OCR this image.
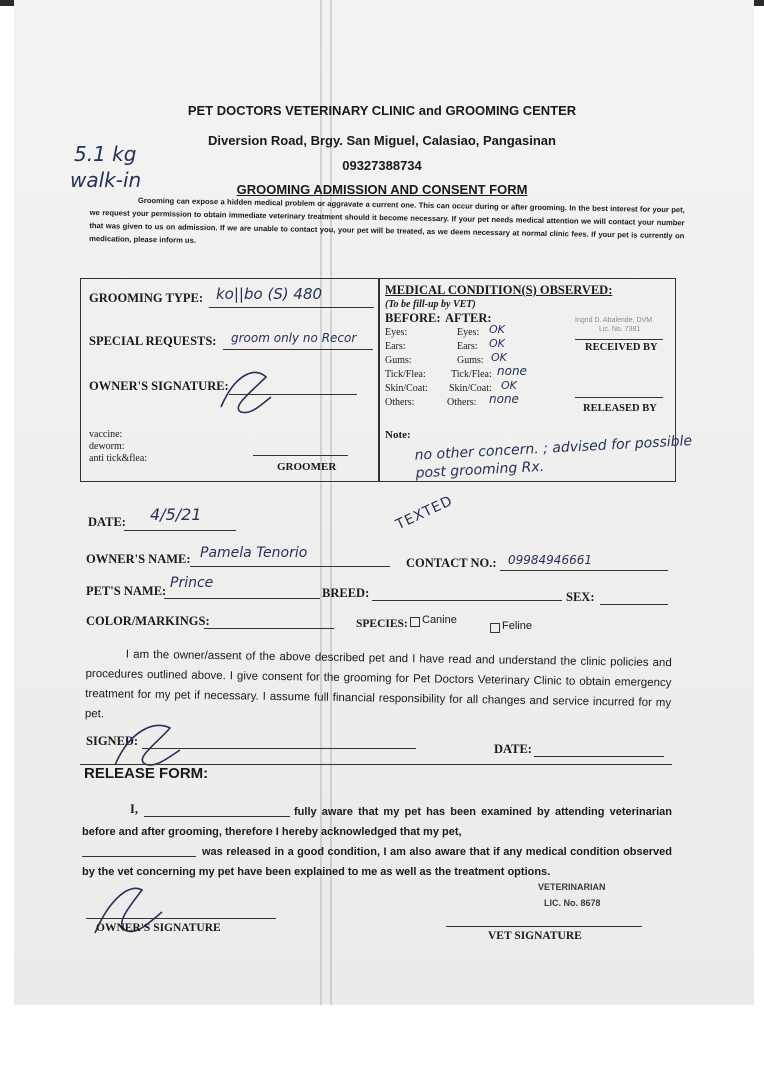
PET DOCTORS VETERINARY CLINIC and GROOMING CENTER
Diversion Road, Brgy. San Miguel, Calasiao, Pangasinan
09327388734
GROOMING ADMISSION AND CONSENT FORM
5.1 kg
walk-in
Grooming can expose a hidden medical problem or aggravate a current one. This can occur during or after grooming. In the best interest for your pet, we request your permission to obtain immediate veterinary treatment should it become necessary. If your pet needs medical attention we will contact your number that was given to us on admission. If we are unable to contact you, your pet will be treated, as we deem necessary at normal clinic fees. If your pet is currently on medication, please inform us.
GROOMING TYPE: ko||bo (S) 480
SPECIAL REQUESTS: groom only no Recor
OWNER'S SIGNATURE:
vaccine:
deworm:
anti tick&flea:
GROOMER
MEDICAL CONDITION(S) OBSERVED:
(To be fill-up by VET)
BEFORE: AFTER:
Eyes:	Eyes: OK
Ears:	Ears: OK
Gums:	Gums: OK
Tick/Flea:	Tick/Flea: none
Skin/Coat: Skin/Coat: OK
Others:	Others: none
Ingrid D. Abalende, DVM
Lic. No. 7381
RECEIVED BY
RELEASED BY
Note: no other concern. ; advised for possible post grooming Rx.
TEXTED
DATE: 4/5/21
OWNER'S NAME: Pamela Tenorio
CONTACT NO.: 09984946661
PET'S NAME: Prince
BREED:	SEX:
COLOR/MARKINGS:	SPECIES: Canine	Feline
I am the owner/assent of the above described pet and I have read and understand the clinic policies and procedures outlined above. I give consent for the grooming for Pet Doctors Veterinary Clinic to obtain emergency treatment for my pet if necessary. I assume full financial responsibility for all changes and service incurred for my pet.
SIGNED:
DATE:
RELEASE FORM:
I,	fully aware that my pet has been examined by attending veterinarian before and after grooming, therefore I hereby acknowledged that my pet,
was released in a good condition, I am also aware that if any medical condition observed by the vet concerning my pet have been explained to me as well as the treatment options.
VETERINARIAN
LIC. No. 8678
OWNER'S SIGNATURE
VET SIGNATURE
